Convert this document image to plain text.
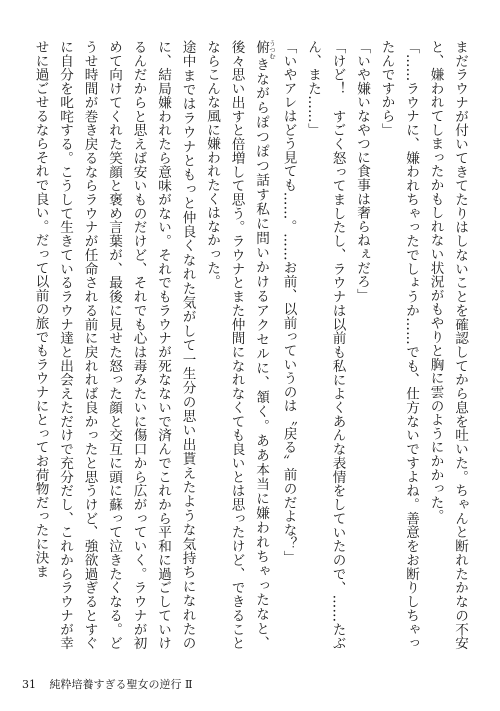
まだラウナが付いてきてたりはしないことを確認してから息を吐いた。ちゃんと断れたかなの不安と、嫌われてしまったかもしれない状況がもやりと胸に雲のようにかかった。

「……ラウナに、嫌われちゃったでしょうか……でも、仕方ないですよね。善意をお断りしちゃったんですから」

「いや嫌いなやつに食事は奢らねぇだろ」

「けど！　すごく怒ってましたし、ラウナは以前も私によくあんな表情をしていたので、……たぶん、また……」

「いやアレはどう見ても……。……お前、以前っていうのは〝戻る〟前のだよな？」

俯 うつむきながらぽつぽつ話す私に問いかけるアクセルに、頷く。ああ本当に嫌われちゃったなと、後々思い出すと倍増して思う。ラウナとまた仲間になれなくても良いとは思ったけど、できることならこんな風に嫌われたくはなかった。

途中まではラウナともっと仲良くなれた気がして一生分の思い出貰えたような気持ちになれたのに、結局嫌われたら意味がない。それでもラウナが死なないで済んでこれから平和に過ごしていけるんだからと思えば安いものだけど、それでも心は毒みたいに傷口から広がっていく。ラウナが初めて向けてくれた笑顔と褒め言葉が、最後に見せた怒った顔と交互に頭に蘇って泣きたくなる。どうせ時間が巻き戻るならラウナが任命される前に戻れれば良かったと思うけど、強欲過ぎるとすぐに自分を叱咤する。こうして生きているラウナ達と出会えただけで充分だし、これからラウナが幸せに過ごせるならそれで良い。だって以前の旅でもラウナにとってお荷物だったに決ま

31 純粋培養すぎる聖女の逆行 Ⅱ
